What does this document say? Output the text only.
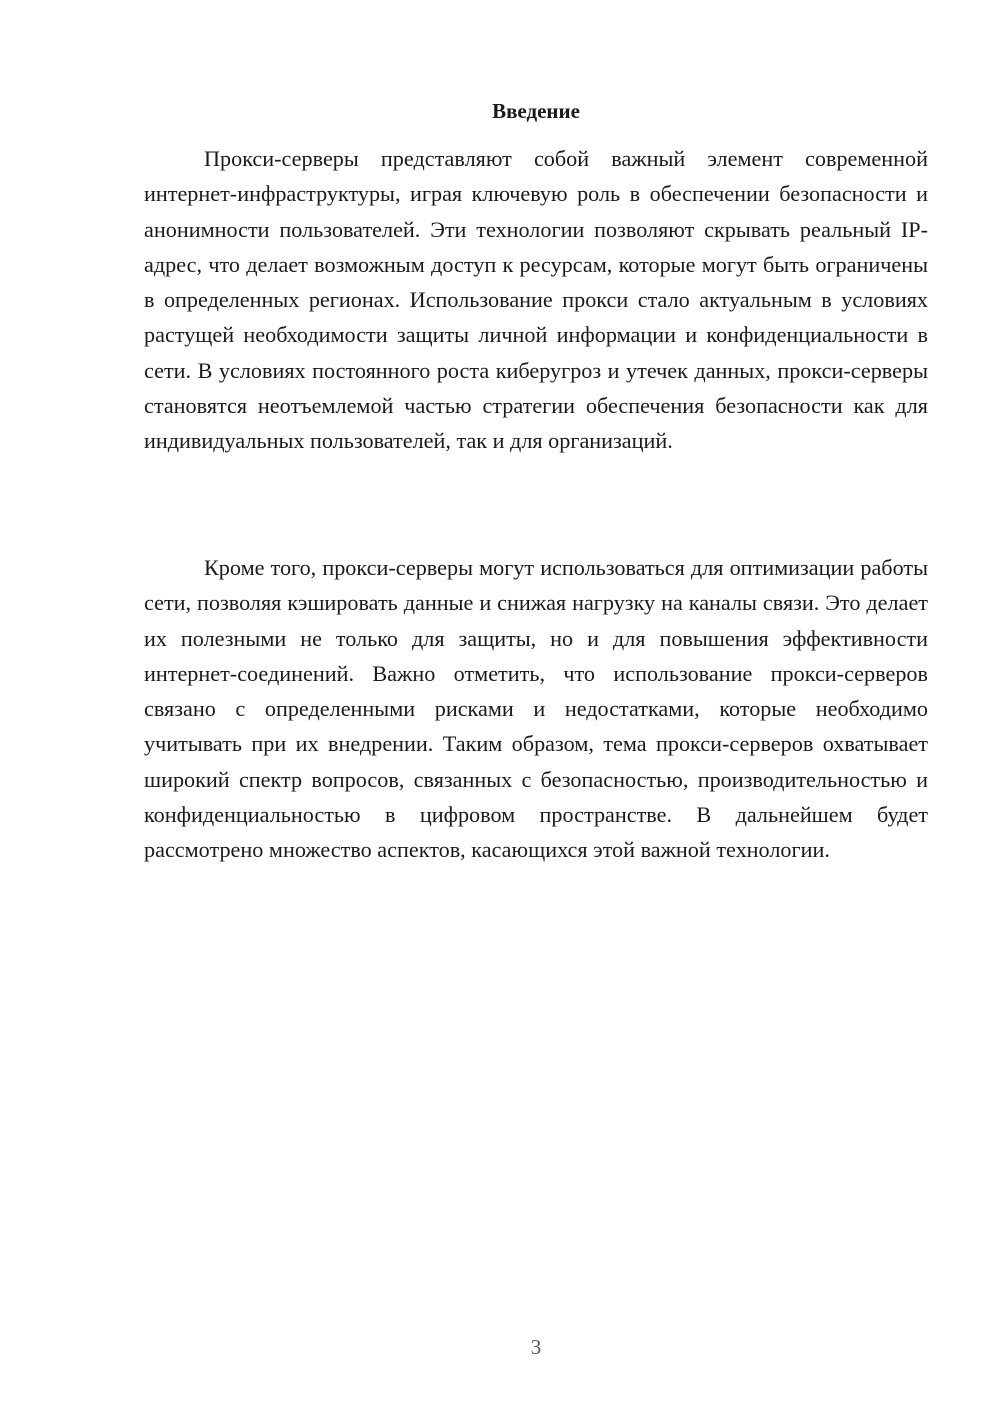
Введение

Прокси-серверы представляют собой важный элемент современной интернет-инфраструктуры, играя ключевую роль в обеспечении безопасности и анонимности пользователей. Эти технологии позволяют скрывать реальный IP-адрес, что делает возможным доступ к ресурсам, которые могут быть ограничены в определенных регионах. Использование прокси стало актуальным в условиях растущей необходимости защиты личной информации и конфиденциальности в сети. В условиях постоянного роста киберугроз и утечек данных, прокси-серверы становятся неотъемлемой частью стратегии обеспечения безопасности как для индивидуальных пользователей, так и для организаций.

Кроме того, прокси-серверы могут использоваться для оптимизации работы сети, позволяя кэшировать данные и снижая нагрузку на каналы связи. Это делает их полезными не только для защиты, но и для повышения эффективности интернет-соединений. Важно отметить, что использование прокси-серверов связано с определенными рисками и недостатками, которые необходимо учитывать при их внедрении. Таким образом, тема прокси-серверов охватывает широкий спектр вопросов, связанных с безопасностью, производительностью и конфиденциальностью в цифровом пространстве. В дальнейшем будет рассмотрено множество аспектов, касающихся этой важной технологии.

3
